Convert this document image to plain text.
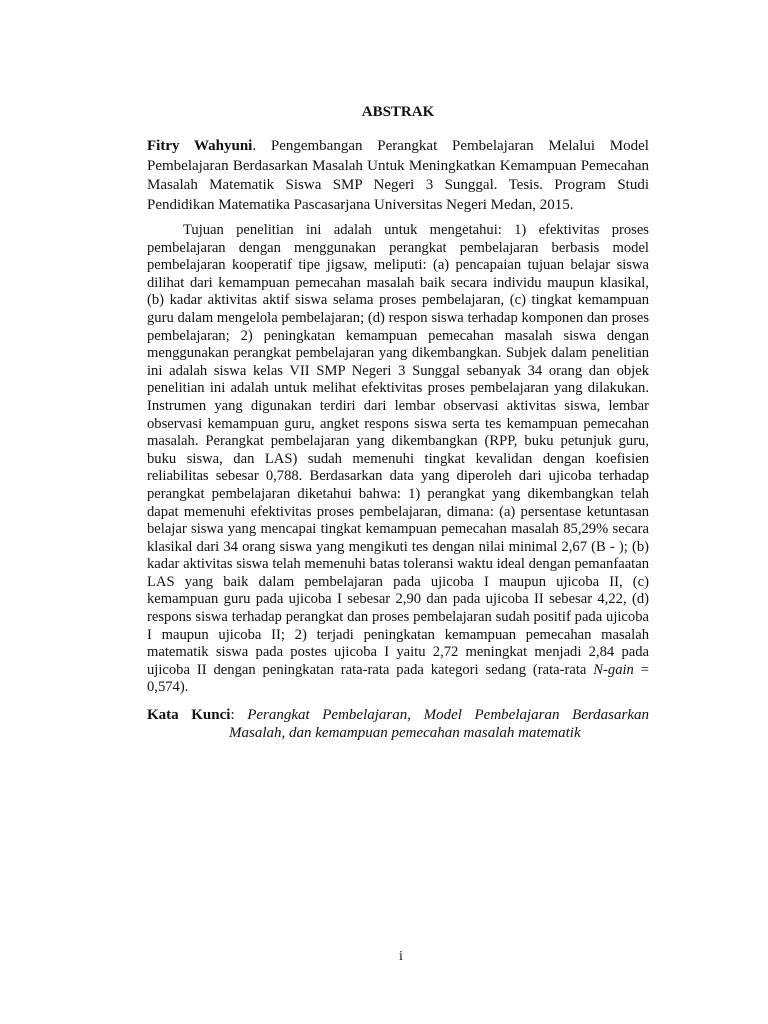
ABSTRAK
Fitry Wahyuni. Pengembangan Perangkat Pembelajaran Melalui Model Pembelajaran Berdasarkan Masalah Untuk Meningkatkan Kemampuan Pemecahan Masalah Matematik Siswa SMP Negeri 3 Sunggal. Tesis. Program Studi Pendidikan Matematika Pascasarjana Universitas Negeri Medan, 2015.
Tujuan penelitian ini adalah untuk mengetahui: 1) efektivitas proses pembelajaran dengan menggunakan perangkat pembelajaran berbasis model pembelajaran kooperatif tipe jigsaw, meliputi: (a) pencapaian tujuan belajar siswa dilihat dari kemampuan pemecahan masalah baik secara individu maupun klasikal, (b) kadar aktivitas aktif siswa selama proses pembelajaran, (c) tingkat kemampuan guru dalam mengelola pembelajaran; (d) respon siswa terhadap komponen dan proses pembelajaran; 2) peningkatan kemampuan pemecahan masalah siswa dengan menggunakan perangkat pembelajaran yang dikembangkan. Subjek dalam penelitian ini adalah siswa kelas VII SMP Negeri 3 Sunggal sebanyak 34 orang dan objek penelitian ini adalah untuk melihat efektivitas proses pembelajaran yang dilakukan. Instrumen yang digunakan terdiri dari lembar observasi aktivitas siswa, lembar observasi kemampuan guru, angket respons siswa serta tes kemampuan pemecahan masalah. Perangkat pembelajaran yang dikembangkan (RPP, buku petunjuk guru, buku siswa, dan LAS) sudah memenuhi tingkat kevalidan dengan koefisien reliabilitas sebesar 0,788. Berdasarkan data yang diperoleh dari ujicoba terhadap perangkat pembelajaran diketahui bahwa: 1) perangkat yang dikembangkan telah dapat memenuhi efektivitas proses pembelajaran, dimana: (a) persentase ketuntasan belajar siswa yang mencapai tingkat kemampuan pemecahan masalah 85,29% secara klasikal dari 34 orang siswa yang mengikuti tes dengan nilai minimal 2,67 (B - ); (b) kadar aktivitas siswa telah memenuhi batas toleransi waktu ideal dengan pemanfaatan LAS yang baik dalam pembelajaran pada ujicoba I maupun ujicoba II, (c) kemampuan guru pada ujicoba I sebesar 2,90 dan pada ujicoba II sebesar 4,22, (d) respons siswa terhadap perangkat dan proses pembelajaran sudah positif pada ujicoba I maupun ujicoba II; 2) terjadi peningkatan kemampuan pemecahan masalah matematik siswa pada postes ujicoba I yaitu 2,72 meningkat menjadi 2,84 pada ujicoba II dengan peningkatan rata-rata pada kategori sedang (rata-rata N-gain = 0,574).
Kata Kunci: Perangkat Pembelajaran, Model Pembelajaran Berdasarkan Masalah, dan kemampuan pemecahan masalah matematik
i
